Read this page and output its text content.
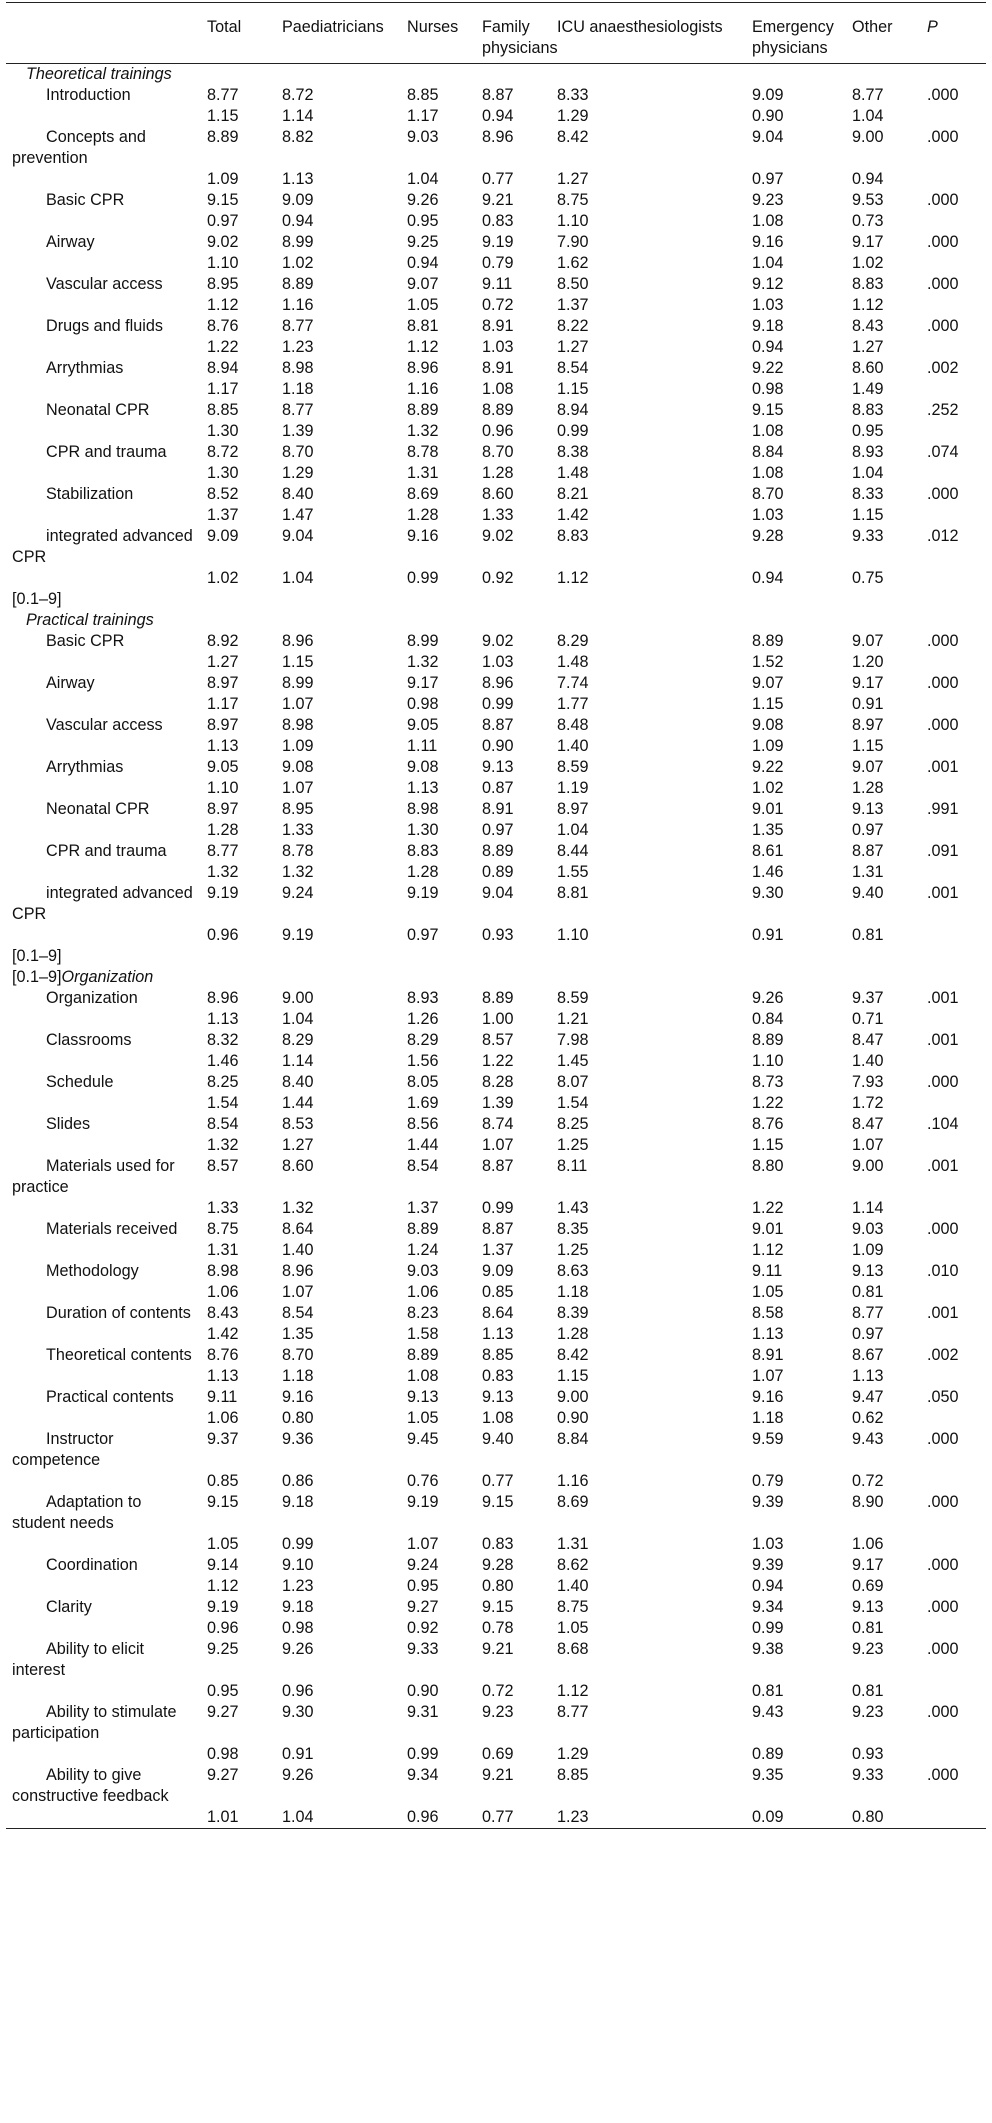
	Total	Paediatricians	Nurses	Family physicians	ICU anaesthesiologists	Emergency physicians	Other	P
Theoretical trainings								
Introduction	8.77	8.72	8.85	8.87	8.33	9.09	8.77	.000
	1.15	1.14	1.17	0.94	1.29	0.90	1.04	
Concepts and prevention	8.89	8.82	9.03	8.96	8.42	9.04	9.00	.000
	1.09	1.13	1.04	0.77	1.27	0.97	0.94	
Basic CPR	9.15	9.09	9.26	9.21	8.75	9.23	9.53	.000
	0.97	0.94	0.95	0.83	1.10	1.08	0.73	
Airway	9.02	8.99	9.25	9.19	7.90	9.16	9.17	.000
	1.10	1.02	0.94	0.79	1.62	1.04	1.02	
Vascular access	8.95	8.89	9.07	9.11	8.50	9.12	8.83	.000
	1.12	1.16	1.05	0.72	1.37	1.03	1.12	
Drugs and fluids	8.76	8.77	8.81	8.91	8.22	9.18	8.43	.000
	1.22	1.23	1.12	1.03	1.27	0.94	1.27	
Arrythmias	8.94	8.98	8.96	8.91	8.54	9.22	8.60	.002
	1.17	1.18	1.16	1.08	1.15	0.98	1.49	
Neonatal CPR	8.85	8.77	8.89	8.89	8.94	9.15	8.83	.252
	1.30	1.39	1.32	0.96	0.99	1.08	0.95	
CPR and trauma	8.72	8.70	8.78	8.70	8.38	8.84	8.93	.074
	1.30	1.29	1.31	1.28	1.48	1.08	1.04	
Stabilization	8.52	8.40	8.69	8.60	8.21	8.70	8.33	.000
	1.37	1.47	1.28	1.33	1.42	1.03	1.15	
integrated advanced CPR	9.09	9.04	9.16	9.02	8.83	9.28	9.33	.012
	1.02	1.04	0.99	0.92	1.12	0.94	0.75	
[0.1–9]								
Practical trainings								
Basic CPR	8.92	8.96	8.99	9.02	8.29	8.89	9.07	.000
	1.27	1.15	1.32	1.03	1.48	1.52	1.20	
Airway	8.97	8.99	9.17	8.96	7.74	9.07	9.17	.000
	1.17	1.07	0.98	0.99	1.77	1.15	0.91	
Vascular access	8.97	8.98	9.05	8.87	8.48	9.08	8.97	.000
	1.13	1.09	1.11	0.90	1.40	1.09	1.15	
Arrythmias	9.05	9.08	9.08	9.13	8.59	9.22	9.07	.001
	1.10	1.07	1.13	0.87	1.19	1.02	1.28	
Neonatal CPR	8.97	8.95	8.98	8.91	8.97	9.01	9.13	.991
	1.28	1.33	1.30	0.97	1.04	1.35	0.97	
CPR and trauma	8.77	8.78	8.83	8.89	8.44	8.61	8.87	.091
	1.32	1.32	1.28	0.89	1.55	1.46	1.31	
integrated advanced CPR	9.19	9.24	9.19	9.04	8.81	9.30	9.40	.001
	0.96	9.19	0.97	0.93	1.10	0.91	0.81	
[0.1–9]								
[0.1–9]Organization								
Organization	8.96	9.00	8.93	8.89	8.59	9.26	9.37	.001
	1.13	1.04	1.26	1.00	1.21	0.84	0.71	
Classrooms	8.32	8.29	8.29	8.57	7.98	8.89	8.47	.001
	1.46	1.14	1.56	1.22	1.45	1.10	1.40	
Schedule	8.25	8.40	8.05	8.28	8.07	8.73	7.93	.000
	1.54	1.44	1.69	1.39	1.54	1.22	1.72	
Slides	8.54	8.53	8.56	8.74	8.25	8.76	8.47	.104
	1.32	1.27	1.44	1.07	1.25	1.15	1.07	
Materials used for practice	8.57	8.60	8.54	8.87	8.11	8.80	9.00	.001
	1.33	1.32	1.37	0.99	1.43	1.22	1.14	
Materials received	8.75	8.64	8.89	8.87	8.35	9.01	9.03	.000
	1.31	1.40	1.24	1.37	1.25	1.12	1.09	
Methodology	8.98	8.96	9.03	9.09	8.63	9.11	9.13	.010
	1.06	1.07	1.06	0.85	1.18	1.05	0.81	
Duration of contents	8.43	8.54	8.23	8.64	8.39	8.58	8.77	.001
	1.42	1.35	1.58	1.13	1.28	1.13	0.97	
Theoretical contents	8.76	8.70	8.89	8.85	8.42	8.91	8.67	.002
	1.13	1.18	1.08	0.83	1.15	1.07	1.13	
Practical contents	9.11	9.16	9.13	9.13	9.00	9.16	9.47	.050
	1.06	0.80	1.05	1.08	0.90	1.18	0.62	
Instructor competence	9.37	9.36	9.45	9.40	8.84	9.59	9.43	.000
	0.85	0.86	0.76	0.77	1.16	0.79	0.72	
Adaptation to student needs	9.15	9.18	9.19	9.15	8.69	9.39	8.90	.000
	1.05	0.99	1.07	0.83	1.31	1.03	1.06	
Coordination	9.14	9.10	9.24	9.28	8.62	9.39	9.17	.000
	1.12	1.23	0.95	0.80	1.40	0.94	0.69	
Clarity	9.19	9.18	9.27	9.15	8.75	9.34	9.13	.000
	0.96	0.98	0.92	0.78	1.05	0.99	0.81	
Ability to elicit interest	9.25	9.26	9.33	9.21	8.68	9.38	9.23	.000
	0.95	0.96	0.90	0.72	1.12	0.81	0.81	
Ability to stimulate participation	9.27	9.30	9.31	9.23	8.77	9.43	9.23	.000
	0.98	0.91	0.99	0.69	1.29	0.89	0.93	
Ability to give constructive feedback	9.27	9.26	9.34	9.21	8.85	9.35	9.33	.000
	1.01	1.04	0.96	0.77	1.23	0.09	0.80	
